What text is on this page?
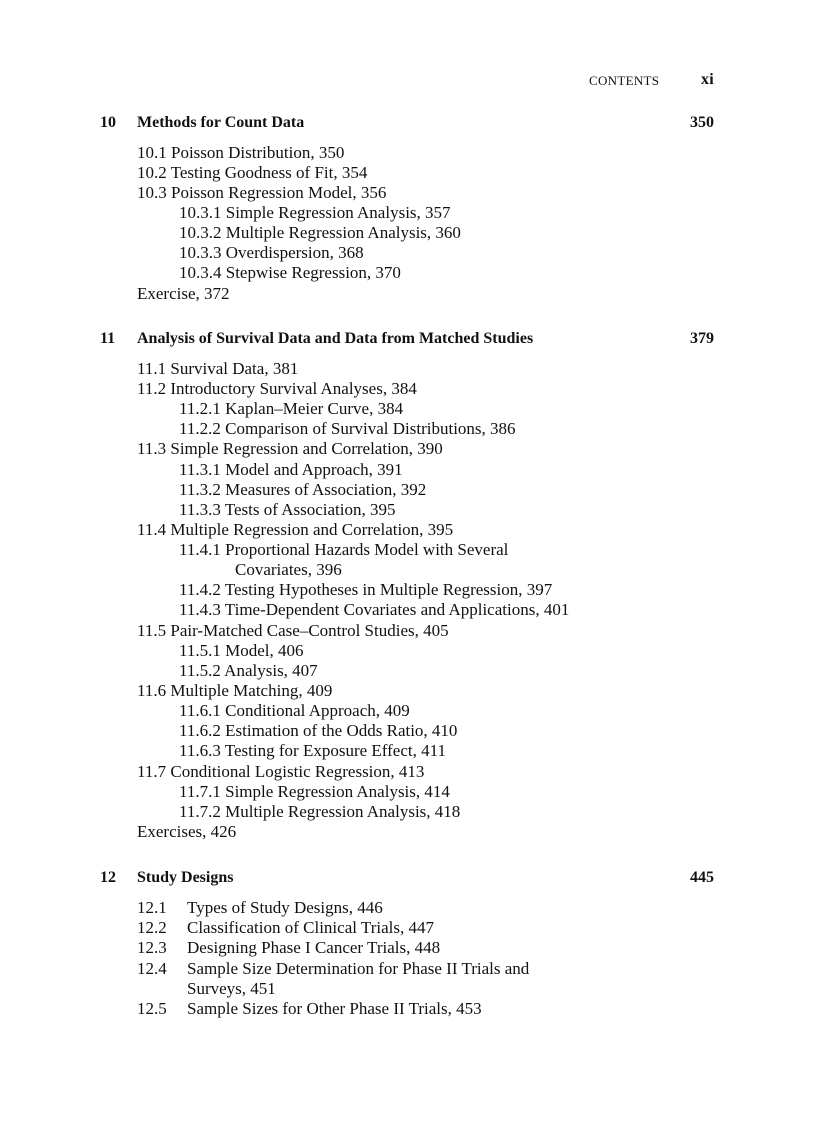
CONTENTS	xi
10 Methods for Count Data	350
10.1 Poisson Distribution, 350
10.2 Testing Goodness of Fit, 354
10.3 Poisson Regression Model, 356
10.3.1 Simple Regression Analysis, 357
10.3.2 Multiple Regression Analysis, 360
10.3.3 Overdispersion, 368
10.3.4 Stepwise Regression, 370
Exercise, 372
11 Analysis of Survival Data and Data from Matched Studies	379
11.1 Survival Data, 381
11.2 Introductory Survival Analyses, 384
11.2.1 Kaplan–Meier Curve, 384
11.2.2 Comparison of Survival Distributions, 386
11.3 Simple Regression and Correlation, 390
11.3.1 Model and Approach, 391
11.3.2 Measures of Association, 392
11.3.3 Tests of Association, 395
11.4 Multiple Regression and Correlation, 395
11.4.1 Proportional Hazards Model with Several
Covariates, 396
11.4.2 Testing Hypotheses in Multiple Regression, 397
11.4.3 Time-Dependent Covariates and Applications, 401
11.5 Pair-Matched Case–Control Studies, 405
11.5.1 Model, 406
11.5.2 Analysis, 407
11.6 Multiple Matching, 409
11.6.1 Conditional Approach, 409
11.6.2 Estimation of the Odds Ratio, 410
11.6.3 Testing for Exposure Effect, 411
11.7 Conditional Logistic Regression, 413
11.7.1 Simple Regression Analysis, 414
11.7.2 Multiple Regression Analysis, 418
Exercises, 426
12 Study Designs	445
12.1 Types of Study Designs, 446
12.2 Classification of Clinical Trials, 447
12.3 Designing Phase I Cancer Trials, 448
12.4 Sample Size Determination for Phase II Trials and
Surveys, 451
12.5 Sample Sizes for Other Phase II Trials, 453
